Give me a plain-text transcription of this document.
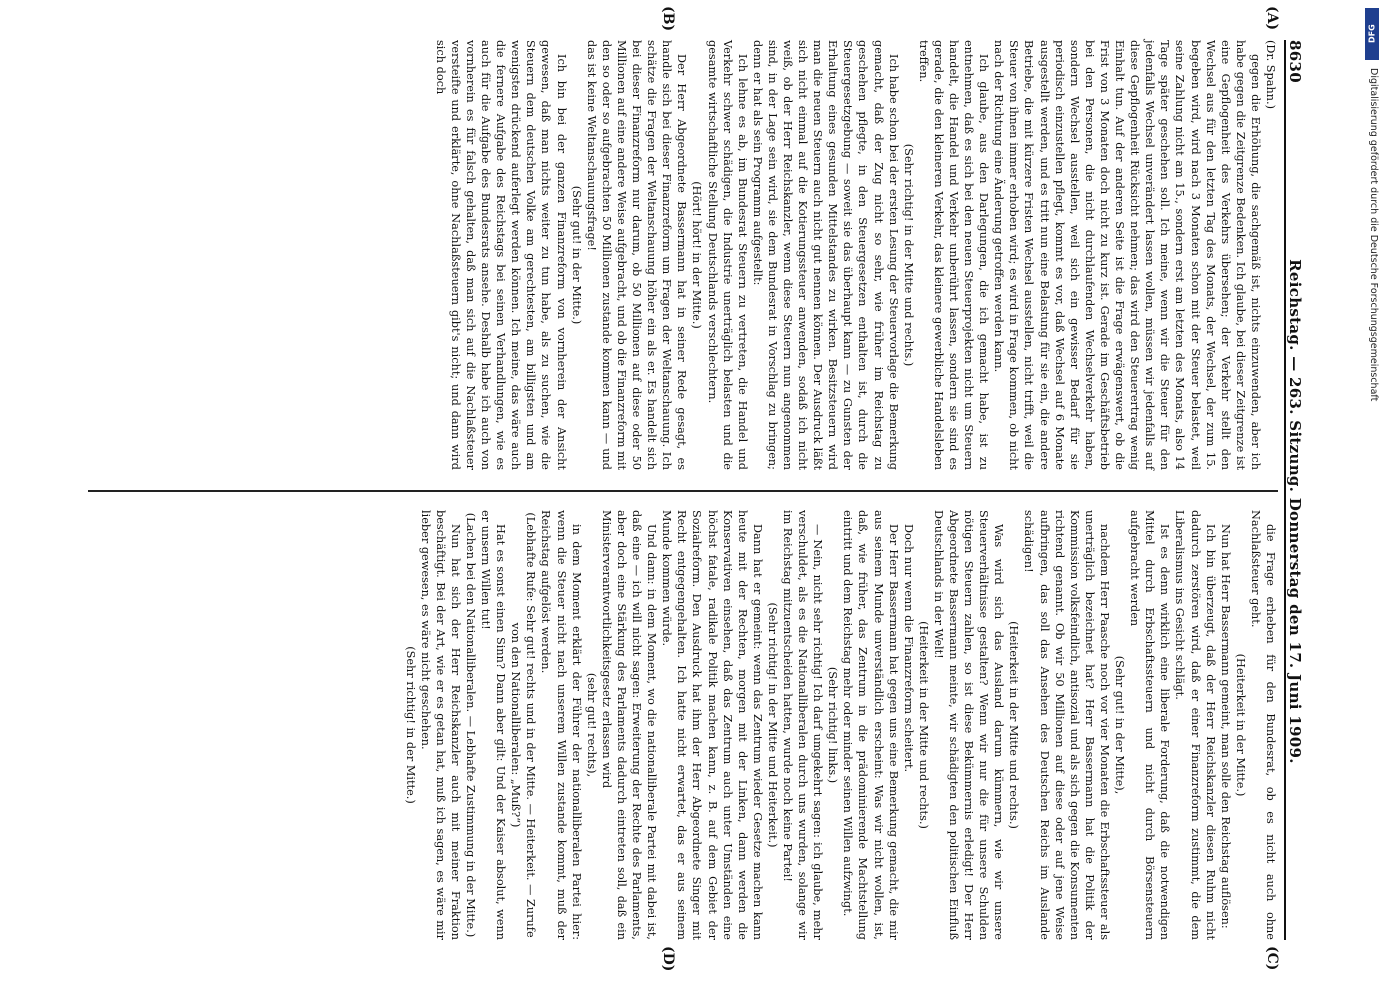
8630
Reichstag. — 263. Sitzung. Donnerstag den 17. Juni 1909.
(A)
(B)
(C)
(D)

(Dr. Spahn.)

gegen die Erhöhung, die sachgemäß ist, nichts einzuwenden, aber ich habe gegen die Zeitgrenze Bedenken. Ich glaube, bei dieser Zeitgrenze ist eine Gepflogenheit des Verkehrs übersehen; der Verkehr stellt den Wechsel aus für den letzten Tag des Monats, der Wechsel, der zum 15. begeben wird, wird nach 3 Monaten schon mit der Steuer belastet, weil seine Zahlung nicht am 15., sondern erst am letzten des Monats, also 14 Tage später geschehen soll. Ich meine, wenn wir die Steuer für den jedenfalls Wechsel unverändert lassen wollen, müssen wir jedenfalls auf diese Gepflogenheit Rücksicht nehmen; das wird den Steuerertrag wenig Einhalt tun. Auf der anderen Seite ist die Frage erwägenswert, ob die Frist von 3 Monaten doch nicht zu kurz ist. Gerade im Geschäftsbetrieb bei den Personen, die nicht durchlaufenden Wechselverkehr haben, sondern Wechsel ausstellen, weil sich ein gewisser Bedarf für sie periodisch einzustellen pflegt, kommt es vor, daß Wechsel auf 6 Monate ausgestellt werden, und es tritt nun eine Belastung für sie ein, die andere Betriebe, die mit kürzere Fristen Wechsel ausstellen, nicht trifft, weil die Steuer von ihnen immer erhoben wird; es wird in Frage kommen, ob nicht nach der Richtung eine Änderung getroffen werden kann.

Ich glaube, aus den Darlegungen, die ich gemacht habe, ist zu entnehmen, daß es sich bei den neuen Steuerprojekten nicht um Steuern handelt, die Handel und Verkehr unberührt lassen, sondern sie sind es gerade, die den kleineren Verkehr, das kleinere gewerbliche Handelsleben treffen.

(Sehr richtig! in der Mitte und rechts.)

Ich habe schon bei der ersten Lesung der Steuervorlage die Bemerkung gemacht, daß der Zug nicht so sehr, wie früher im Reichstag zu geschehen pflegte, in den Steuergesetzen enthalten ist, durch die Steuergesetzgebung — soweit sie das überhaupt kann — zu Gunsten der Erhaltung eines gesunden Mittelstandes zu wirken. Besitzsteuern wird man die neuen Steuern auch nicht gut nennen können. Der Ausdruck läßt sich nicht einmal auf die Kotierungssteuer anwenden, sodaß ich nicht weiß, ob der Herr Reichskanzler, wenn diese Steuern nun angenommen sind, in der Lage sein wird, sie dem Bundesrat in Vorschlag zu bringen; denn er hat als sein Programm aufgestellt:

Ich lehne es ab, im Bundesrat Steuern zu vertreten, die Handel und Verkehr schwer schädigen, die Industrie unerträglich belasten und die gesamte wirtschaftliche Stellung Deutschlands verschlechtern.

(Hört! hört! in der Mitte.)

Der Herr Abgeordnete Bassermann hat in seiner Rede gesagt, es handle sich bei dieser Finanzreform um Fragen der Weltanschauung. Ich schätze die Fragen der Weltanschauung höher ein als er. Es handelt sich bei dieser Finanzreform nur darum, ob 50 Millionen auf diese oder 50 Millionen auf eine andere Weise aufgebracht, und ob die Finanzreform mit den so oder so aufgebrachten 50 Millionen zustande kommen kann — und das ist keine Weltanschauungsfrage!

(Sehr gut! in der Mitte.)

Ich bin bei der ganzen Finanzreform von vornherein der Ansicht gewesen, daß man nichts weiter zu tun habe, als zu suchen, wie die Steuern dem deutschen Volke am gerechtesten, am billigsten und am wenigsten drückend auferlegt werden können. Ich meine, das wäre auch die fernere Aufgabe des Reichstags bei seinen Verhandlungen, wie es auch für die Aufgabe des Bundesrats ansehe. Deshalb habe ich auch von vornherein es für falsch gehalten, daß man sich auf die Nachlaßsteuer versteifte und erklärte, ohne Nachlaßsteuern gibt's nicht; und dann wird sich doch

die Frage erheben für den Bundesrat, ob es nicht auch ohne Nachlaßsteuer geht.

(Heiterkeit in der Mitte.)

Nun hat Herr Bassermann gemeint, man solle den Reichstag auflösen:

Ich bin überzeugt, daß der Herr Reichskanzler diesen Ruhm nicht dadurch zerstören wird, daß er einer Finanzreform zustimmt, die dem Liberalismus ins Gesicht schlägt.

Ist es denn wirklich eine liberale Forderung, daß die notwendigen Mittel durch Erbschaftssteuern und nicht durch Börsensteuern aufgebracht werden

(Sehr gut! in der Mitte),

nachdem Herr Paasche noch vor vier Monaten die Erbschaftssteuer als unerträglich bezeichnet hat? Herr Bassermann hat die Politik der Kommission volksfeindlich, antisozial und als sich gegen die Konsumenten richtend genannt. Ob wir 50 Millionen auf diese oder auf jene Weise aufbringen, das soll das Ansehen des Deutschen Reichs im Auslande schädigen!

(Heiterkeit in der Mitte und rechts.)

Was wird sich das Ausland darum kümmern, wie wir unsere Steuerverhältnisse gestalten? Wenn wir nur die für unsere Schulden nötigen Steuern zahlen, so ist diese Bekümmernis erledigt! Der Herr Abgeordnete Bassermann meinte, wir schädigten den politischen Einfluß Deutschlands in der Welt!

(Heiterkeit in der Mitte und rechts.)

Doch nur wenn die Finanzreform scheitert.

Der Herr Bassermann hat gegen uns eine Bemerkung gemacht, die mir aus seinem Munde unverständlich erscheint: Was wir nicht wollen, ist, daß, wie früher, das Zentrum in die prädominierende Machtstellung eintritt und dem Reichstag mehr oder minder seinen Willen aufzwingt.

(Sehr richtig! links.)

— Nein, nicht sehr richtig! Ich darf umgekehrt sagen: ich glaube, mehr verschuldet, als es die Nationalliberalen durch uns wurden, solange wir im Reichstag mitzuentscheiden hatten, wurde noch keine Partei!

(Sehr richtig! in der Mitte und Heiterkeit.)

Dann hat er gemeint: wenn das Zentrum wieder Gesetze machen kann heute mit der Rechten, morgen mit der Linken, dann werden die Konservativen einsehen, daß das Zentrum auch unter Umständen eine höchst fatale, radikale Politik machen kann, z. B. auf dem Gebiet der Sozialreform. Den Ausdruck hat ihm der Herr Abgeordnete Singer mit Recht entgegengehalten. Ich hatte nicht erwartet, das er aus seinem Munde kommen würde.

Und dann: in dem Moment, wo die nationalliberale Partei mit dabei ist, daß eine — ich will nicht sagen: Erweiterung der Rechte des Parlaments, aber doch eine Stärkung des Parlaments dadurch eintreten soll, daß ein Ministerverantwortlichkeitsgesetz erlassen wird

(sehr gut! rechts),

in dem Moment erklärt der Führer der nationalliberalen Partei hier: wenn die Steuer nicht nach unserem Willen zustande kommt, muß der Reichstag aufgelöst werden.

(Lebhafte Rufe: Sehr gut! rechts und in der Mitte. — Heiterkeit. — Zurufe von den Nationalliberalen: „Muß?“)

Hat es sonst einen Sinn? Dann aber gilt: Und der Kaiser absolut, wenn er unsern Willen tut!

(Lachen bei den Nationalliberalen. — Lebhafte Zustimmung in der Mitte.)

Nun hat sich der Herr Reichskanzler auch mit meiner Fraktion beschäftigt. Bei der Art, wie er es getan hat, muß ich sagen, es wäre mir lieber gewesen, es wäre nicht geschehen.

(Sehr richtig! in der Mitte.)

DFG
Digitalisierung gefördert durch die Deutsche Forschungsgemeinschaft
